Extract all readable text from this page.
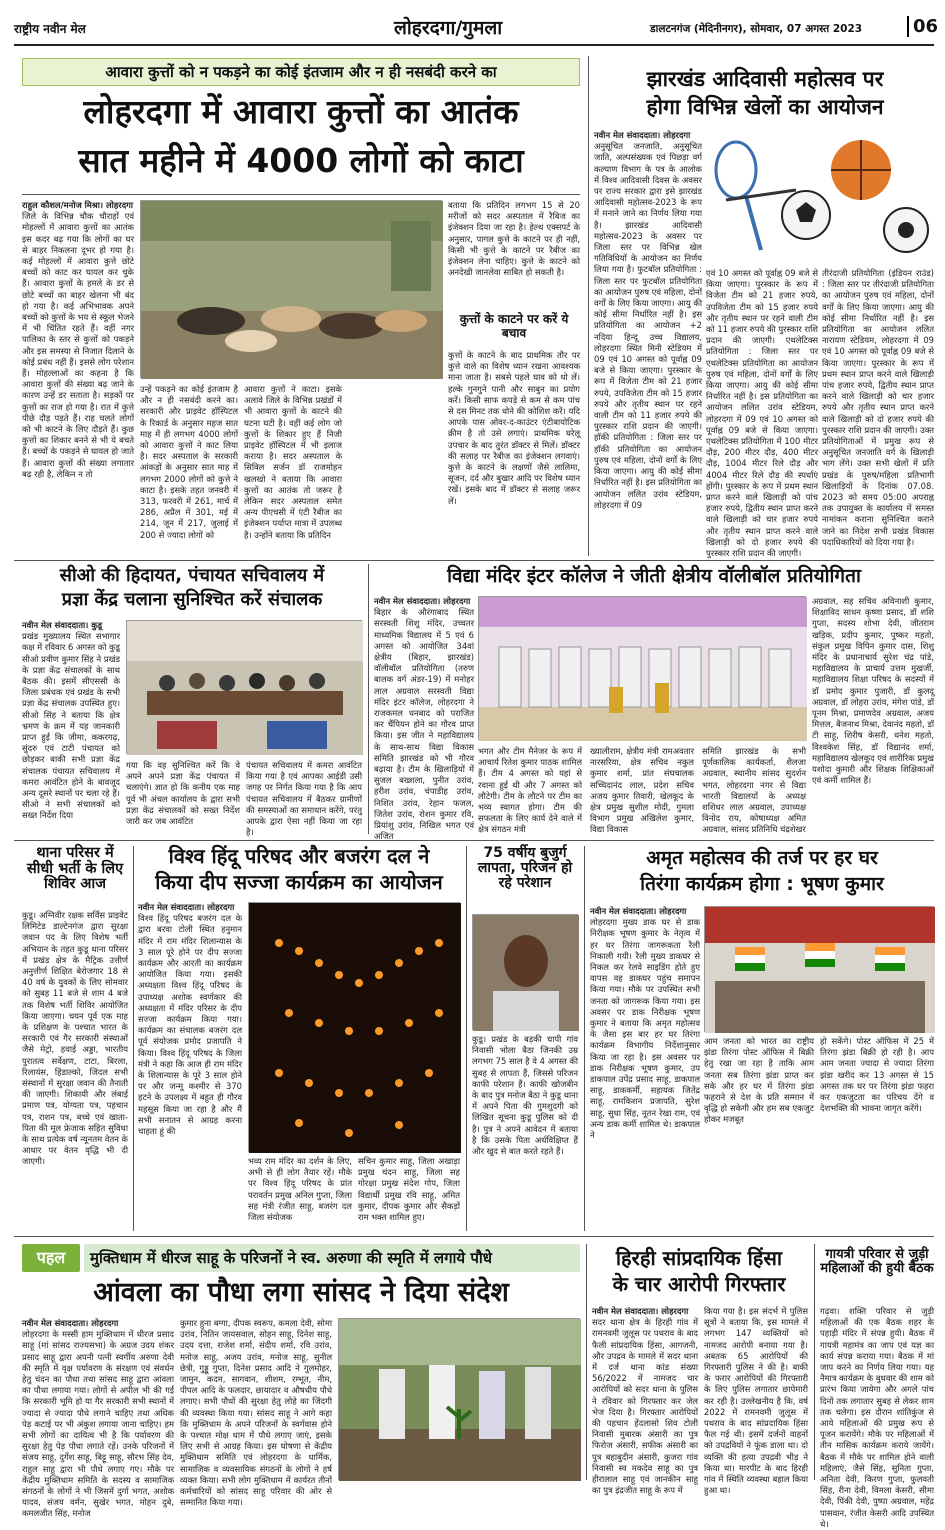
राष्ट्रीय नवीन मेल	लोहरदगा/गुमला	डालटनगंज (मेदिनीनगर), सोमवार, 07 अगस्त 2023	06
आवारा कुत्तों को न पकड़ने का कोई इंतजाम और न ही नसबंदी करने का
लोहरदगा में आवारा कुत्तों का आतंक
सात महीने में 4000 लोगों को काटा
राहुल कौशल/मनोज मिश्रा। लोहरदगा
जिले के विभिन्न चौक चौराहों एवं मोहल्लों में आवारा कुत्तों का आतंक इस कदर बढ़ गया कि लोगों का घर से बाहर निकलना दूभर हो गया है। कई मोहल्लों में आवारा कुत्ते छोटे बच्चों को काट कर घायल कर चुके हैं। आवारा कुत्तों के हमले के डर से छोटे बच्चों का बाहर खेलना भी बंद हो गया है। कई अभिभावक अपने बच्चों को कुत्तों के भय से स्कूल भेजने में भी चिंतित रहते हैं। वहीं नगर पालिका के स्तर से कुत्तों को पकड़ने और इस समस्या से निजात दिलाने के कोई प्रबंध नहीं हैं। इससे लोग परेशान हैं। मोहल्लाओं का कहना है कि आवारा कुत्तों की संख्या बढ़ जाने के कारण उन्हें डर सताता है। सड़कों पर कुत्तों का राज हो गया है। रात में कुत्ते पीछे दौड़ पड़ते हैं। राह चलते लोगों को भी काटने के लिए दौड़ते हैं। कुछ कुत्तों का शिकार बनने से भी ये बचते हैं। बच्चों के पकड़ने से घायल हो जाते हैं। आवारा कुत्तों की संख्या लगातार बढ़ रही है, लेकिन न तो
उन्हें पकड़ने का कोई इंतजाम है और न ही नसबंदी करने का। सरकारी और प्राइवेट हॉस्पिटल के रिकार्ड के अनुसार महज सात माह में ही लगभग 4000 लोगों को आवारा कुत्तों ने काट लिया है। सदर अस्पताल के सरकारी आंकड़ों के अनुसार सात माह में लगभग 2000 लोगों को कुत्ते ने काटा है। इसके तहत जनवरी में 313, फरवरी में 261, मार्च में 286, अप्रैल में 301, मई में 214, जून में 217, जुलाई में 200 से ज्यादा लोगों को
आवारा कुत्तों ने काटा। इसके अलावे जिले के विभिन्न प्रखंडों में भी आवारा कुत्तों के काटने की घटना घटी है। वहीं कई लोग जो कुत्तों के शिकार हुए हैं निजी प्राइवेट हॉस्पिटल में भी इलाज कराया है। सदर अस्पताल के सिविल सर्जन डॉ राजमोहन खलखो ने बताया कि आवारा कुत्तों का आतंक तो जरूर है लेकिन सदर अस्पताल समेत अन्य पीएचसी में एंटी रैबीज का इंजेक्शन पर्याप्त मात्रा में उपलब्ध है। उन्होंने बताया कि प्रतिदिन
बताया कि प्रतिदिन लगभग 15 से 20 मरीजों को सदर अस्पताल में रैबिज का इंजेक्शन दिया जा रहा है। हेल्थ एक्सपर्ट के अनुसार, पागल कुत्ते के काटने पर ही नहीं, किसी भी कुत्ते के काटने पर रैबीज का इंजेक्शन लेना चाहिए। कुत्ते के काटने को अनदेखी जानलेवा साबित हो सकती है।
कुत्तों के काटने पर करें ये बचाव
कुत्तों के काटने के बाद प्राथमिक तौर पर कुत्ते वाले का विशेष ध्यान रखना आवश्यक माना जाता है। सबसे पहले घाव को धो लें। हल्के गुनगुने पानी और साबुन का प्रयोग करें। किसी साफ कपड़े से कम से कम पांच से दस मिनट तक धोने की कोशिश करें। यदि आपके पास ओवर-द-काउंटर एंटीबायोटिक क्रीम है तो उसे लगाएं। प्राथमिक घरेलू उपचार के बाद तुरंत डॉक्टर से मिलें। डॉक्टर की सलाह पर रैबीज का इंजेक्शन लगवाएं। कुत्ते के काटने के लक्षणों जैसे लालिमा, सूजन, दर्द और बुखार आदि पर विशेष ध्यान रखें। इसके बाद में डॉक्टर से सलाह जरूर लें।
झारखंड आदिवासी महोत्सव पर
होगा विभिन्न खेलों का आयोजन
नवीन मेल संवाददाता। लोहरदगा
अनुसूचित जनजाति, अनुसूचित जाति, अल्पसंख्यक एवं पिछड़ा वर्ग कल्याण विभाग के पत्र के आलोक में विश्व आदिवासी दिवस के अवसर पर राज्य सरकार द्वारा इसे झारखंड आदिवासी महोत्सव-2023 के रूप में मनाने जाने का निर्णय लिया गया है। झारखंड आदिवासी महोत्सव-2023 के अवसर पर जिला स्तर पर विभिन्न खेल गतिविधियों के आयोजन का निर्णय लिया गया है। फुटबॉल प्रतियोगिता : जिला स्तर पर फुटबॉल प्रतियोगिता का आयोजन पुरुष एवं महिला, दोनों वर्गों के लिए किया जाएगा। आयु की कोई सीमा निर्धारित नहीं है। इस प्रतियोगिता का आयोजन +2 नदिया हिन्दू उच्च विद्यालय, लोहरदगा स्थित मिनी स्टेडियम में 09 एवं 10 अगस्त को पूर्वाह्न 09 बजे से किया जाएगा। पुरस्कार के रूप में विजेता टीम को 21 हजार रुपये, उपविजेता टीम को 15 हजार रुपये और तृतीय स्थान पर रहने वाली टीम को 11 हजार रुपये की पुरस्कार राशि प्रदान की जाएगी। हॉकी प्रतियोगिता : जिला स्तर पर हॉकी प्रतियोगिता का आयोजन पुरुष एवं महिला, दोनों वर्गों के लिए किया जाएगा। आयु की कोई सीमा निर्धारित नहीं है। इस प्रतियोगिता का आयोजन ललित उरांव स्टेडियम, लोहरदगा में 09
एवं 10 अगस्त को पूर्वाह्न 09 बजे से किया जाएगा। पुरस्कार के रूप में विजेता टीम को 21 हजार रुपये, उपविजेता टीम को 15 हजार रुपये और तृतीय स्थान पर रहने वाली टीम को 11 हजार रुपये की पुरस्कार राशि प्रदान की जाएगी। एथलेटिक्स प्रतियोगिता : जिला स्तर पर एथलेटिक्स प्रतियोगिता का आयोजन पुरुष एवं महिला, दोनों वर्गों के लिए किया जाएगा। आयु की कोई सीमा निर्धारित नहीं है। इस प्रतियोगिता का आयोजन ललित उरांव स्टेडियम, लोहरदगा में 09 एवं 10 अगस्त को पूर्वाह्न 09 बजे से किया जाएगा। एथलेटिक्स प्रतियोगिता में 100 मीटर दौड़, 200 मीटर दौड़, 400 मीटर दौड़, 1004 मीटर रिले दौड़ और 4004 मीटर रिले दौड़ की स्पर्धाएं होंगी। पुरस्कार के रूप में प्रथम स्थान प्राप्त करने वाले खिलाड़ी को पांच हजार रुपये, द्वितीय स्थान प्राप्त करने वाले खिलाड़ी को चार हजार रुपये और तृतीय स्थान प्राप्त करने वाले खिलाड़ी को दो हजार रुपये की पुरस्कार राशि प्रदान की जाएगी।
तीरंदाजी प्रतियोगिता (इंडियन राउंड) : जिला स्तर पर तीरंदाजी प्रतियोगिता का आयोजन पुरुष एवं महिला, दोनों वर्गों के लिए किया जाएगा। आयु की कोई सीमा निर्धारित नहीं है। इस प्रतियोगिता का आयोजन ललित नारायण स्टेडियम, लोहरदगा में 09 एवं 10 अगस्त को पूर्वाह्न 09 बजे से किया जाएगा। पुरस्कार के रूप में प्रथम स्थान प्राप्त करने वाले खिलाड़ी पांच हजार रुपये, द्वितीय स्थान प्राप्त करने वाले खिलाड़ी को चार हजार रुपये और तृतीय स्थान प्राप्त करने वाले खिलाड़ी को दो हजार रुपये की पुरस्कार राशि प्रदान की जाएगी। उक्त प्रतियोगिताओं में प्रमुख रूप से अनुसूचित जनजाति वर्ग के खिलाड़ी भाग लेंगे। उक्त सभी खेलों में प्रति प्रखंड के पुरुष/महिला प्रतिभागी खिलाड़ियों के दिनांक 07.08. 2023 को समय 05:00 अपराह्न तक उपायुक्त के कार्यालय में समस्त नामांकन कराना सुनिश्चित कराने जाने का निदेश सभी प्रखंड विकास पदाधिकारियों को दिया गया है।
सीओ की हिदायत, पंचायत सचिवालय में
प्रज्ञा केंद्र चलाना सुनिश्चित करें संचालक
नवीन मेल संवाददाता। कुडू
प्रखंड मुख्यालय स्थित सभागार कक्ष में रविवार 6 अगस्त को कुडू सीओ प्रवीण कुमार सिंह ने प्रखंड के प्रज्ञा केंद्र संचालकों के साथ बैठक की। इसमें सीएससी के जिला प्रबंधक एवं प्रखंड के सभी प्रज्ञा केंद्र संचालक उपस्थित हुए। सीओ सिंह ने बताया कि क्षेत्र भ्रमण के क्रम में यह जानकारी प्राप्त हुई कि जीमा, ककरगढ़, सुंदरु एवं टाटी पंचायत को छोड़कर बाकी सभी प्रज्ञा केंद्र संचालक पंचायत सचिवालय में कमरा आवंटित होने के बावजूद अन्य दूसरे स्थानों पर चला रहे हैं। सीओ ने सभी संचालकों को सख्त निर्देश दिया
गया कि वह सुनिश्चित करें कि वे अपने अपने प्रज्ञा केंद्र पंचायत में चलाएंगे। ज्ञात हो कि कनीय एक माह पूर्व भी अंचल कार्यालय के द्वारा सभी प्रज्ञा केंद्र संचालकों को सख्त निर्देश जारी कर जब आवंटित
पंचायत सचिवालय में कमरा आवंटित किया गया है एवं आपका आईडी उसी जगह पर निर्गत किया गया है कि आप पंचायत सचिवालय में बैठकर ग्रामीणों की समस्याओं का समाधान करेंगे, परंतु आपके द्वारा ऐसा नहीं किया जा रहा है।
विद्या मंदिर इंटर कॉलेज ने जीती क्षेत्रीय वॉलीबॉल प्रतियोगिता
नवीन मेल संवाददाता। लोहरदगा
बिहार के औरंगाबाद स्थित सरस्वती शिशु मंदिर, उच्चतर माध्यमिक विद्यालय में 5 एवं 6 अगस्त को आयोजित 34वां क्षेत्रीय (बिहार, झारखंड) वॉलीबॉल प्रतियोगिता (तरुण बालक वर्ग अंडर-19) में मनोहर लाल अग्रवाल सरस्वती विद्या मंदिर इंटर कॉलेज, लोहरदगा ने राजकमल धनबाद को पराजित कर चैंपियन होने का गौरव प्राप्त किया। इस जीत ने महाविद्यालय के साथ-साथ विद्या विकास समिति झारखंड को भी गौरव बढ़ाया है। टीम के खिलाड़ियों में सुजल बख्शला, पुनीत उरांव, हरीश उरांव, चंपाडीह उरांव, निशित उरांव, रेहान फजल, जितेश उरांव, रोशन कुमार रवि, प्रियांशु उरांव, निखिल भगत एवं अजित
भगत और टीम मैनेजर के रूप में आचार्य रितेश कुमार पाठक शामिल हैं। टीम 4 अगस्त को यहां से रवाना हुई थी और 7 अगस्त को लौटेगी। टीम के लौटने पर टीम का भव्य स्वागत होगा। टीम की सफलता के लिए कार्य देने वाले में क्षेत्र संगठन मंत्री
ख्यालीराम, क्षेत्रीय मंत्री रामअवतार नारसरिया, क्षेत्र सचिव नकुल कुमार शर्मा, प्रांत संघचालक सच्चिदानंद लाल, प्रदेश सचिव अजय कुमार तिवारी, खेलकूद के क्षेत्र प्रमुख सुशील मोदी, गुमला विभाग प्रमुख अखिलेश कुमार, विद्या विकास
समिति झारखंड के सभी पूर्णकालिक कार्यकर्ता, शैलजा अग्रवाल, स्थानीय सांसद सुदर्शन भगत, लोहरदगा नगर से विद्या भारती विद्यालयों के अध्यक्ष शशिधर लाल अग्रवाल, उपाध्यक्ष विनोद राय, कोषाध्यक्ष अमित अग्रवाल, सांसद प्रतिनिधि चंद्रशेखर
अग्रवाल, सह सचिव अविनाशी कुमार, शिक्षाविद साधन कृष्णा प्रसाद, डॉ शशि गुप्ता, सदस्य शोभा देवी, जीतराम खड़िक, प्रदीप कुमार, पुष्कर महतो, संकुल प्रमुख विपिन कुमार दास, शिशु मंदिर के प्रधानाचार्य सुरेश चंद्र पांडे, महाविद्यालय के प्राचार्य उत्तम मुखर्जी, महाविद्यालय शिक्षा परिषद के सदस्यों में डॉ प्रमोद कुमार पुजारी, डॉ कुलदू अग्रवाल, डॉ लोहरा उरांव, मंगेश पांडे, डॉ पूनम मिश्रा, प्रमाणदेव अग्रवाल, अजय मित्तल, बैजनाथ मिश्रा, देवानंद महतो, डॉ टी साहू, शिरीष केसरी, धनेश महतो, विश्वकेश सिंह, डॉ विद्यानंद शर्मा, महाविद्यालय खेलकूद एवं शारीरिक प्रमुख यशोदा कुमारी और शिक्षक शिक्षिकाओं एवं कर्मी शामिल हैं।
थाना परिसर में सीधी भर्ती के लिए शिविर आज
कुडू। अग्निवीर रक्षक सर्विस प्राइवेट लिमिटेड डाल्टेनगंज द्वारा सुरक्षा जवान पद के लिए विशेष भर्ती अभियान के तहत कुडू थाना परिसर में प्रखंड क्षेत्र के मैट्रिक उत्तीर्ण अनुत्तीर्ण शिक्षित बेरोजगार 18 से 40 वर्ष के युवकों के लिए सोमवार को सुबह 11 बजे से शाम 4 बजे तक विशेष भर्ती शिविर आयोजित किया जाएगा। चयन पूर्व एक माह के प्रशिक्षण के पश्चात भारत के सरकारी एवं गैर सरकारी संस्थाओं जैसे मेट्रो, हवाई अड्डा, भारतीय पुरातत्व सर्वेक्षण, टाटा, बिरला, रिलायंस, हिंडाल्को, जिंदल सभी संस्थानों में सुरक्षा जवान की तैनाती की जाएगी। शिकायी और लंबाई प्रमाण पत्र, योग्यता पत्र, पहचान पत्र, राशन पत्र, बच्चे एवं खाता-पिता की मूल फ्रेजाक सहित सुविधा के साथ प्रत्येक वर्ष न्यूनतम वेतन के आधार पर वेतन वृद्धि भी दी जाएगी।
विश्व हिंदू परिषद और बजरंग दल ने
किया दीप सज्जा कार्यक्रम का आयोजन
नवीन मेल संवाददाता। लोहरदगा
विश्व हिंदू परिषद बजरंग दल के द्वारा बरवा टोली स्थित हनुमान मंदिर में राम मंदिर शिलान्यास के 3 साल पूरे होने पर दीप सज्जा कार्यक्रम और आरती का कार्यक्रम आयोजित किया गया। इसकी अध्यक्षता विश्व हिंदू परिषद के उपाध्यक्ष अशोक स्वर्णकार की अध्यक्षता में मंदिर परिसर के दीप सज्जा कार्यक्रम किया गया। कार्यक्रम का संचालक बजरंग दल पूर्व संयोजक प्रमोद प्रजापति ने किया। विश्व हिंदू परिषद के जिला मंत्री ने कहा कि आज ही राम मंदिर के शिलान्यास के पूरे 3 साल होने पर और जन्मू कश्मीर से 370 हटने के उपलक्ष्य में बहुत ही गौरव महसूस किया जा रहा है और मैं सभी सनातन से आग्रह करना चाहता हूं की
भव्य राम मंदिर का दर्शन के लिए, अभी से ही लोग तैयार रहें। मौके पर विश्व हिंदू परिषद के प्रांत परावर्तन प्रमुख अनिल गुप्ता, जिला सह मंत्री रंजीत साहू, बजरंग दल जिला संयोजक
सचिन कुमार साहू, जिला अखाड़ा प्रमुख चंदन साहू, जिला सह गोरक्षा प्रमुख संदेश गोप, जिला विद्यार्थी प्रमुख रवि साहू, अमित कुमार, दीपक कुमार और सैकड़ों राम भक्त शामिल हुए।
75 वर्षीय बुजुर्ग लापता, परिजन हो रहे परेशान
कुडू। प्रखंड के बड़की चापी गांव निवासी भोला बैठा जिनकी उम्र लगभग 75 साल है वे 4 अगस्त की सुबह से लापता हैं, जिससे परिजन काफी परेशान हैं। काफी खोजबीन के बाद पुत्र मनोज बैठा ने कुडू थाना में अपने पिता की गुमशुदगी को लिखित सूचना कुडू पुलिस को दी है। पुत्र ने अपने आवेदन में बताया है कि उसके पिता अर्धविक्षिप्त हैं और खुद से बात करते रहते हैं।
अमृत महोत्सव की तर्ज पर हर घर
तिरंगा कार्यक्रम होगा : भूषण कुमार
नवीन मेल संवाददाता। लोहरदगा
लोहरदगा मुख्य डाक घर से डाक निरीक्षक भूषण कुमार के नेतृत्व में हर घर तिरंगा जागरूकता रैली निकाली गयी। रैली मुख्य डाकघर से निकल कर रेलवे साइडिंग होते हुए वापस वह डाकघर पहुंच समापन किया गया। मौके पर उपस्थित सभी जनता को जागरूक किया गया। इस अवसर पर डाक निरीक्षक भूषण कुमार ने बताया कि अमृत महोत्सव के जैसा इस बार हर घर तिरंगा कार्यक्रम विभागीय निर्देशानुसार किया जा रहा है। इस अवसर पर डाक निरीक्षक भूषण कुमार, उप डाकपाल उपेंद्र प्रसाद साहू, डाकपाल साहू, डाककर्मी, सहायक जितेंद्र साहू, रामकिशन प्रजापति, सुरेश साहू, सुधा सिंह, नूतन रेखा राम, एवं अन्य डाक कर्मी शामिल थे। डाकपाल ने
आम जनता को भारत का राष्ट्रीय झंडा तिरंगा पोस्ट ऑफिस में बिक्री हेतु रखा जा रहा है ताकि आम जनता सब तिरंगा झंडा प्राप्त कर सके और हर घर में तिरंगा झंडा फहराने से देश के प्रति सम्मान में वृद्धि हो सकेगी और हम सब एकजुट होकर मजबूत
हो सकेंगे। पोस्ट ऑफिस में 25 में तिरंगा झंडा बिक्री हो रही है। आप आम जनता ज्यादा से ज्यादा तिरंगा झंडा खरीद कर 13 अगस्त से 15 अगस्त तक घर पर तिरंगा झंडा फहरा कर एकजुटता का परिचय देंगे व देशभक्ति की भावना जागृत करेंगे।
पहल	मुक्तिधाम में धीरज साहू के परिजनों ने स्व. अरुणा की स्मृति में लगाये पौधे
आंवला का पौधा लगा सांसद ने दिया संदेश
नवीन मेल संवाददाता। लोहरदगा
लोहरदगा के मस्सी हाम मुक्तिधाम में धीरज प्रसाद साहू (मां सांसद राज्यसभा) के अग्रज उदय शंकर प्रसाद साहू द्वारा अपनी पत्नी स्वर्गीय अरुणा देवी की स्मृति में वृक्ष पर्यावरण के संरक्षण एवं संवर्धन हेतु चंदन का पौधा तथा सांसद साहू द्वारा आंवला का पौधा लगाया गया। लोगों से अपील भी की गई कि सरकारी भूमि हो या गैर सरकारी सभी स्थानों में ज्यादा से ज्यादा पौधे लगाने चाहिए तथा अधिक पेड़ कटाई पर भी अंकुश लगाया जाना चाहिए। हम सभी लोगों का दायित्व भी है कि पर्यावरण की सुरक्षा हेतु पेड़ पौधा लगाते रहें। उनके परिजनों में संजय साहू, दुर्गेश साहू, बिट्टू साहू, सौरभ सिंह देव, राहुल साहू द्वारा भी पौधे लगाए गए। मौके पर केंद्रीय मुक्तिधाम समिति के सदस्य व सामाजिक संगठनों के लोगों ने भी जिसमें दुर्गा भगत, अशोक यादव, संजय वर्मन, सुखेर भगत, मोहन दुबे, कमलजीत सिंह, मनोज
कुमार हुना बग्गा, दीपक स्वरूप, कमला देवी, सोमा उरांव, नितिन जायसवाल, सोहन साहू, दिनेश साहू, उदय दत्ता, राजेश शर्मा, संदीप शर्मा, रवि उरांव, मनोज साहू, अजय उरांव, मनोज साहू, सुनील छेत्री, गुड्डू गुप्ता, दिनेश प्रसाद आदि ने गुलमोहर, जामुन, कदम, सागवान, शीशम, रम्भूत, नीम, पीपल आदि के फलदार, छायादार व औषधीय पौधे लगाए। सभी पौधों की सुरक्षा हेतु लोहे का जिंदगी की व्यवस्था किया गया। सांसद साहू ने आगे कहा कि मुक्तिधाम के अपने परिजनों के स्वर्गवास होने के पश्चात मोक्ष धाम में पौधे लगाए जाएं, इसके लिए सभी से आग्रह किया। इस घोषणा से केंद्रीय मुक्तिधाम समिति एवं लोहरदगा के धार्मिक, सामाजिक व व्यवसायिक संगठनों के लोगों ने हर्ष व्यक्त किया। सभी लोग मुक्तिधाम में कार्यरत तीनों कर्मचारियों को सांसद साहू परिवार की ओर से सम्मानित किया गया।
हिरही सांप्रदायिक हिंसा
के चार आरोपी गिरफ्तार
नवीन मेल संवाददाता। लोहरदगा
सदर थाना क्षेत्र के हिरही गांव में रामनवमी जुलूस पर पथराव के बाद फैली सांप्रदायिक हिंसा, आगजनी, और उपद्रव के मामले में सदर थाना में दर्ज थाना कांड संख्या 56/2022 में नामजद चार आरोपियों को सदर थाना के पुलिस ने रविवार को गिरफ्तार कर जेल भेज दिया है। गिरफ्तार आरोपियों की पहचान हेंदलासो शिव टोली निवासी मुबारक अंसारी का पुत्र फिरोज अंसारी, सफीक अंसारी का पुत्र बहाबुदीन अंसारी, कुजरा गांव निवासी स्व मकदेव साहू का पुत्र हीरालाल साहू एवं जानकीन साहू का पुत्र इंद्रजीत साहू के रूप में
किया गया है। इस संदर्भ में पुलिस सूत्रों ने बताया कि, इस मामले में लगभग 147 व्यक्तियों को नामजद आरोपी बनाया गया है। अबतक 65 आरोपियों की गिरफ्तारी पुलिस ने की है। बाकी के फरार आरोपियों की गिरफ्तारी के लिए पुलिस लगातार छापेमारी कर रही है। उल्लेखनीय है कि, वर्ष 2022 में रामनवमी जुलूस में पथराव के बाद सांप्रदायिक हिंसा फैल गई थी। इसमें दर्जनों वाहनों को उपद्रवियों ने फूंक डाला था। दो व्यक्ति की हत्या उपद्रवी भीड़ ने किया था। मारपीट के बाद हिरही गांव में स्थिति व्यवस्था बहाल किया हुआ था।
गायत्री परिवार से जुड़ी महिलाओं की हुयी बैठक
गढ़वा। शक्ति परिवार से जुड़ी महिलाओं की एक बैठक शहर के पहाड़ी मंदिर में संपन्न हुयी। बैठक में गायत्री महामंत्र का जाप एवं यज्ञ का कार्य संपन्न कराया गया। बैठक में मां जाप करने का निर्णय लिया गया। यह नैमात्र कार्यक्रम के बुधवार की शाम को प्रारंभ किया जायेगा और अगले पांच दिनों तक लगातार सुबह से लेकर शाम तक चलेगा। इस दौरान शांतिकुंज से आये महिलाओं की प्रमुख रूप से पूजन करायेंगे। मौके पर महिलाओं में तीन मासिक कार्यक्रम कराये जायेंगे। बैठक में मौके पर शामिल होने वाली महिलाएं, जैसे सिंह, सुनिता गुप्ता, अनिता देवी, किरण गुप्ता, फुलवती सिंह, रीना देवी, विमला केसरी, सीमा देवी, पिंकी देवी, पुष्पा अग्रवाल, महेंद्र पासवान, रंजीत केसरी आदि उपस्थित थे।
